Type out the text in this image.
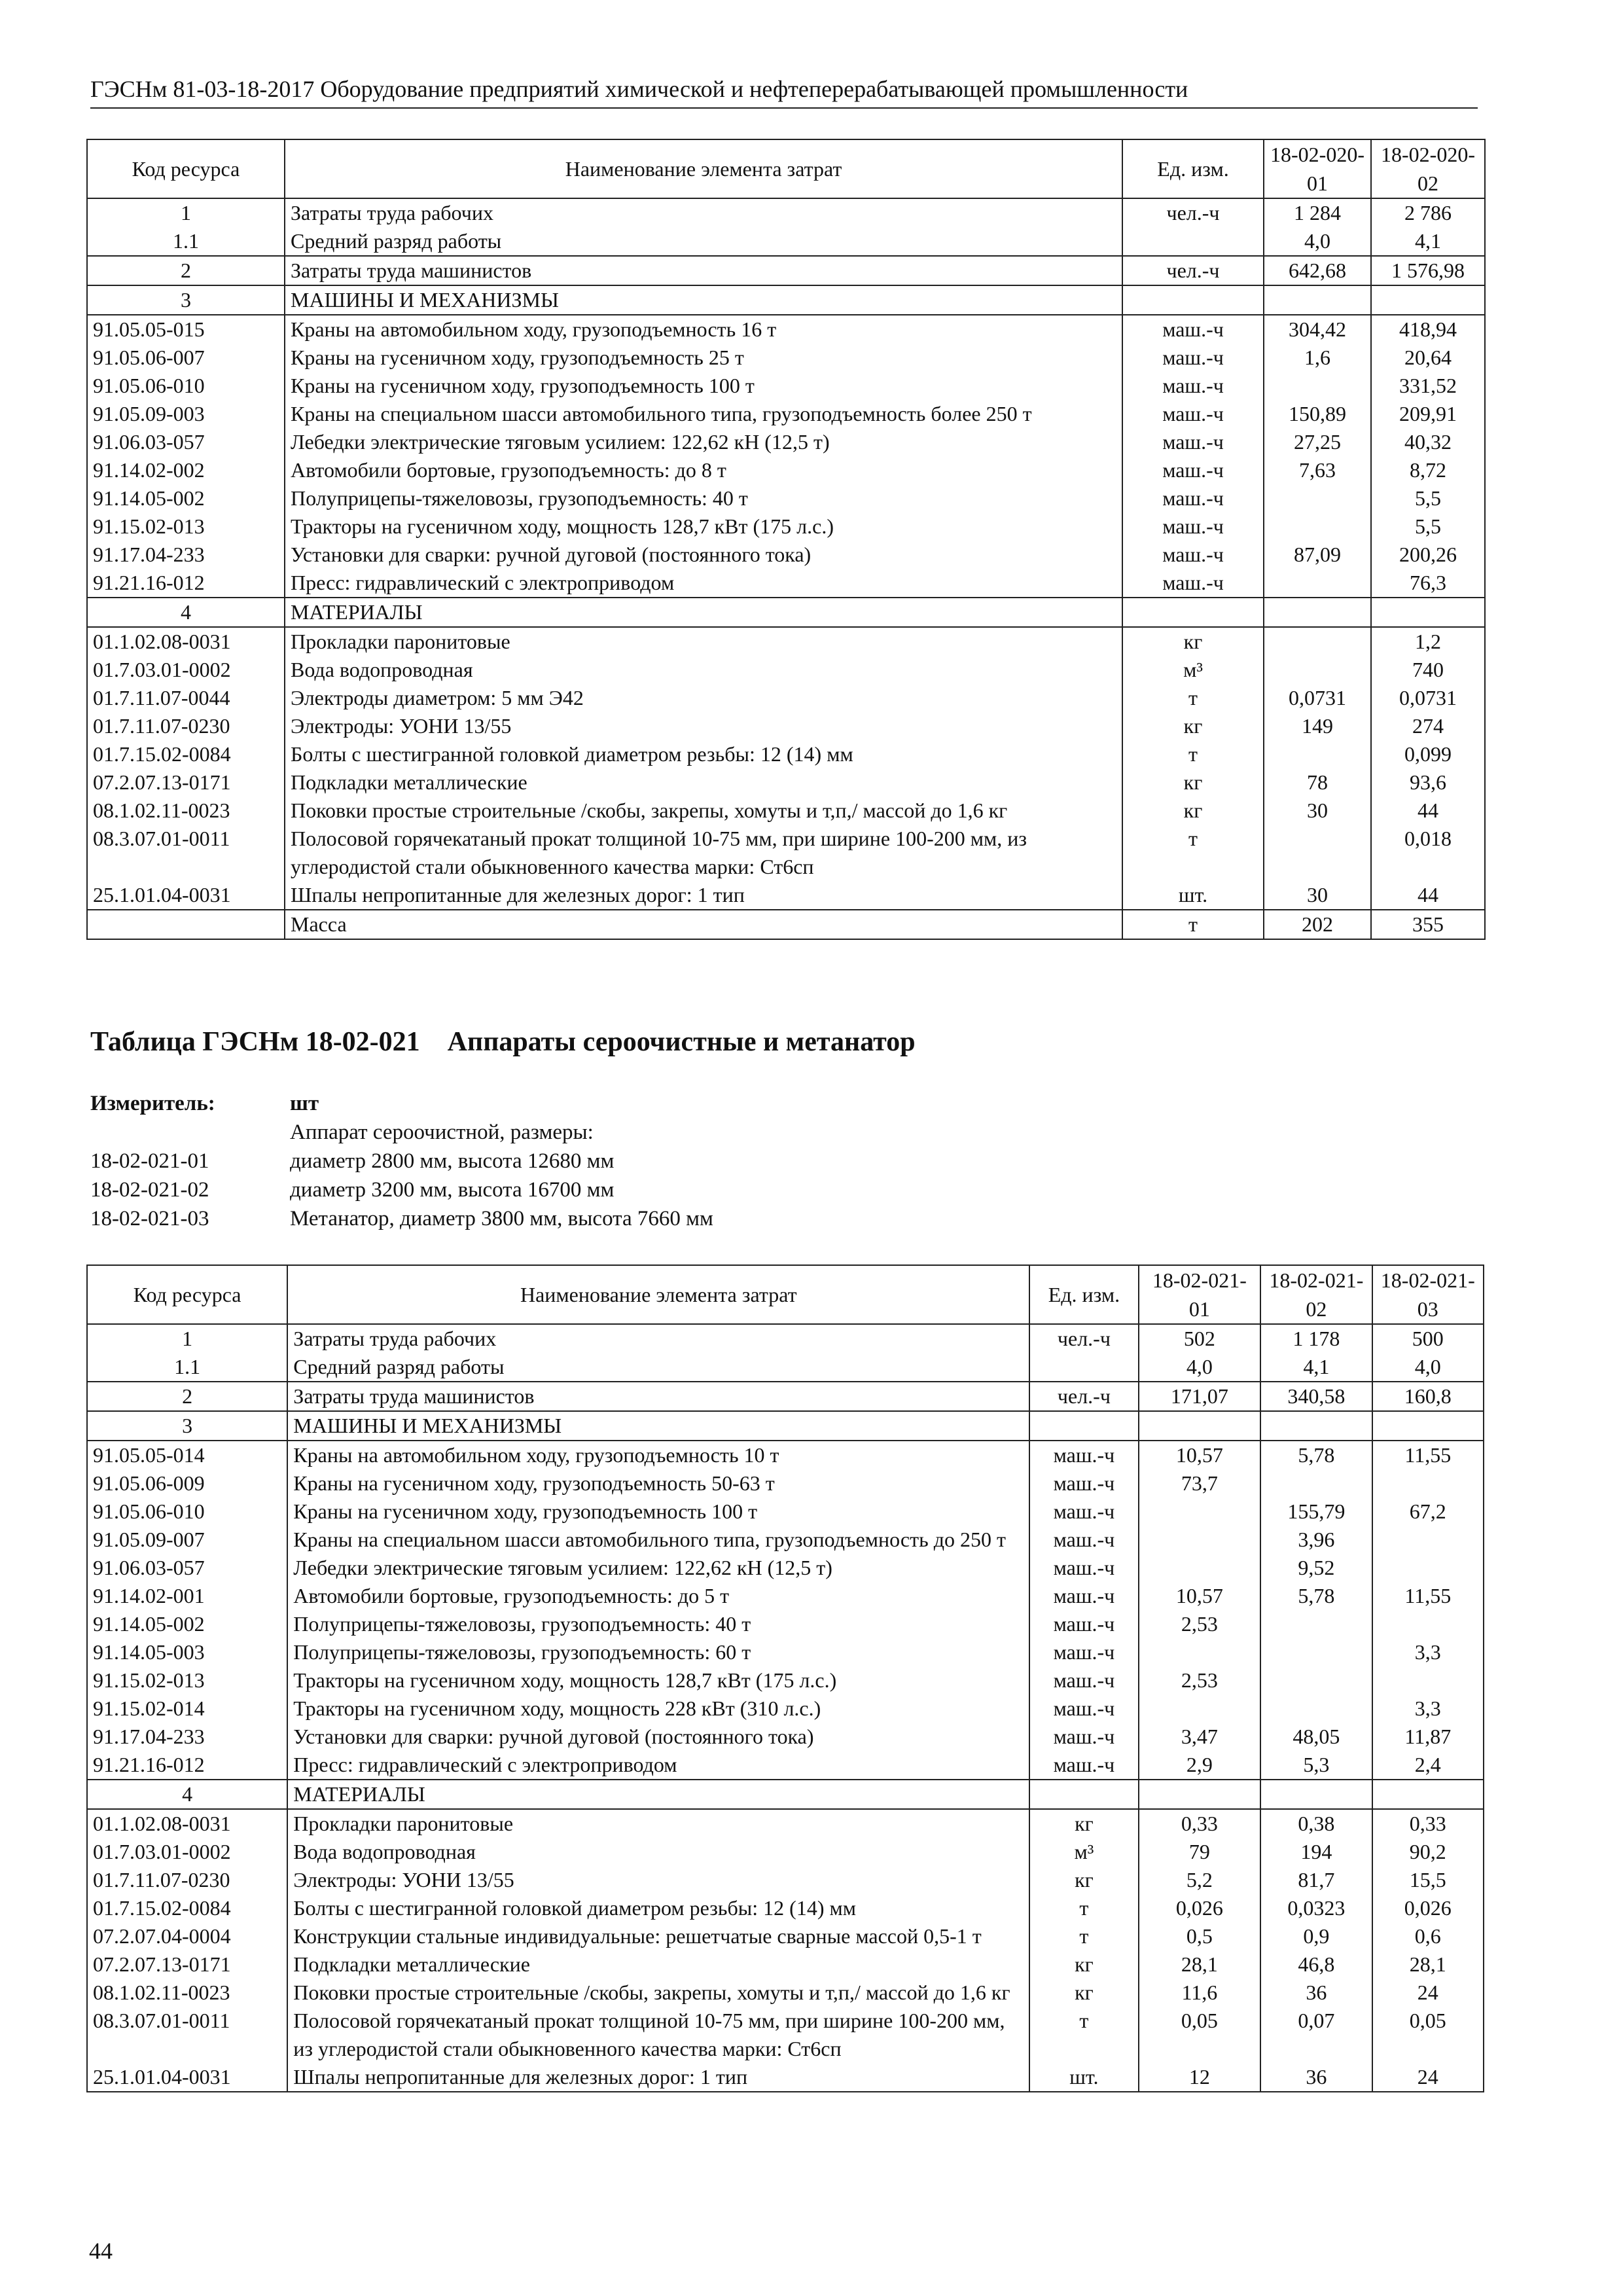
ГЭСНм 81-03-18-2017 Оборудование предприятий химической и нефтеперерабатывающей промышленности
Код ресурса	Наименование элемента затрат	Ед. изм.	18-02-020-01	18-02-020-02
1	Затраты труда рабочих	чел.-ч	1 284	2 786
1.1	Средний разряд работы		4,0	4,1
2	Затраты труда машинистов	чел.-ч	642,68	1 576,98
3	МАШИНЫ И МЕХАНИЗМЫ			
91.05.05-015	Краны на автомобильном ходу, грузоподъемность 16 т	маш.-ч	304,42	418,94
91.05.06-007	Краны на гусеничном ходу, грузоподъемность 25 т	маш.-ч	1,6	20,64
91.05.06-010	Краны на гусеничном ходу, грузоподъемность 100 т	маш.-ч		331,52
91.05.09-003	Краны на специальном шасси автомобильного типа, грузоподъемность более 250 т	маш.-ч	150,89	209,91
91.06.03-057	Лебедки электрические тяговым усилием: 122,62 кН (12,5 т)	маш.-ч	27,25	40,32
91.14.02-002	Автомобили бортовые, грузоподъемность: до 8 т	маш.-ч	7,63	8,72
91.14.05-002	Полуприцепы-тяжеловозы, грузоподъемность: 40 т	маш.-ч		5,5
91.15.02-013	Тракторы на гусеничном ходу, мощность 128,7 кВт (175 л.с.)	маш.-ч		5,5
91.17.04-233	Установки для сварки: ручной дуговой (постоянного тока)	маш.-ч	87,09	200,26
91.21.16-012	Пресс: гидравлический с электроприводом	маш.-ч		76,3
4	МАТЕРИАЛЫ			
01.1.02.08-0031	Прокладки паронитовые	кг		1,2
01.7.03.01-0002	Вода водопроводная	м³		740
01.7.11.07-0044	Электроды диаметром: 5 мм Э42	т	0,0731	0,0731
01.7.11.07-0230	Электроды: УОНИ 13/55	кг	149	274
01.7.15.02-0084	Болты с шестигранной головкой диаметром резьбы: 12 (14) мм	т		0,099
07.2.07.13-0171	Подкладки металлические	кг	78	93,6
08.1.02.11-0023	Поковки простые строительные /скобы, закрепы, хомуты и т,п,/ массой до 1,6 кг	кг	30	44
08.3.07.01-0011	Полосовой горячекатаный прокат толщиной 10-75 мм, при ширине 100-200 мм, из углеродистой стали обыкновенного качества марки: Ст6сп	т		0,018
25.1.01.04-0031	Шпалы непропитанные для железных дорог: 1 тип	шт.	30	44
	Масса	т	202	355
Таблица ГЭСНм 18-02-021    Аппараты сероочистные и метанатор
Измеритель:	шт
Аппарат сероочистной, размеры:
18-02-021-01	диаметр 2800 мм, высота 12680 мм
18-02-021-02	диаметр 3200 мм, высота 16700 мм
18-02-021-03	Метанатор, диаметр 3800 мм, высота 7660 мм
Код ресурса	Наименование элемента затрат	Ед. изм.	18-02-021-01	18-02-021-02	18-02-021-03
1	Затраты труда рабочих	чел.-ч	502	1 178	500
1.1	Средний разряд работы		4,0	4,1	4,0
2	Затраты труда машинистов	чел.-ч	171,07	340,58	160,8
3	МАШИНЫ И МЕХАНИЗМЫ				
91.05.05-014	Краны на автомобильном ходу, грузоподъемность 10 т	маш.-ч	10,57	5,78	11,55
91.05.06-009	Краны на гусеничном ходу, грузоподъемность 50-63 т	маш.-ч	73,7		
91.05.06-010	Краны на гусеничном ходу, грузоподъемность 100 т	маш.-ч		155,79	67,2
91.05.09-007	Краны на специальном шасси автомобильного типа, грузоподъемность до 250 т	маш.-ч		3,96	
91.06.03-057	Лебедки электрические тяговым усилием: 122,62 кН (12,5 т)	маш.-ч		9,52	
91.14.02-001	Автомобили бортовые, грузоподъемность: до 5 т	маш.-ч	10,57	5,78	11,55
91.14.05-002	Полуприцепы-тяжеловозы, грузоподъемность: 40 т	маш.-ч	2,53		
91.14.05-003	Полуприцепы-тяжеловозы, грузоподъемность: 60 т	маш.-ч			3,3
91.15.02-013	Тракторы на гусеничном ходу, мощность 128,7 кВт (175 л.с.)	маш.-ч	2,53		
91.15.02-014	Тракторы на гусеничном ходу, мощность 228 кВт (310 л.с.)	маш.-ч			3,3
91.17.04-233	Установки для сварки: ручной дуговой (постоянного тока)	маш.-ч	3,47	48,05	11,87
91.21.16-012	Пресс: гидравлический с электроприводом	маш.-ч	2,9	5,3	2,4
4	МАТЕРИАЛЫ				
01.1.02.08-0031	Прокладки паронитовые	кг	0,33	0,38	0,33
01.7.03.01-0002	Вода водопроводная	м³	79	194	90,2
01.7.11.07-0230	Электроды: УОНИ 13/55	кг	5,2	81,7	15,5
01.7.15.02-0084	Болты с шестигранной головкой диаметром резьбы: 12 (14) мм	т	0,026	0,0323	0,026
07.2.07.04-0004	Конструкции стальные индивидуальные: решетчатые сварные массой 0,5-1 т	т	0,5	0,9	0,6
07.2.07.13-0171	Подкладки металлические	кг	28,1	46,8	28,1
08.1.02.11-0023	Поковки простые строительные /скобы, закрепы, хомуты и т,п,/ массой до 1,6 кг	кг	11,6	36	24
08.3.07.01-0011	Полосовой горячекатаный прокат толщиной 10-75 мм, при ширине 100-200 мм, из углеродистой стали обыкновенного качества марки: Ст6сп	т	0,05	0,07	0,05
25.1.01.04-0031	Шпалы непропитанные для железных дорог: 1 тип	шт.	12	36	24
44
